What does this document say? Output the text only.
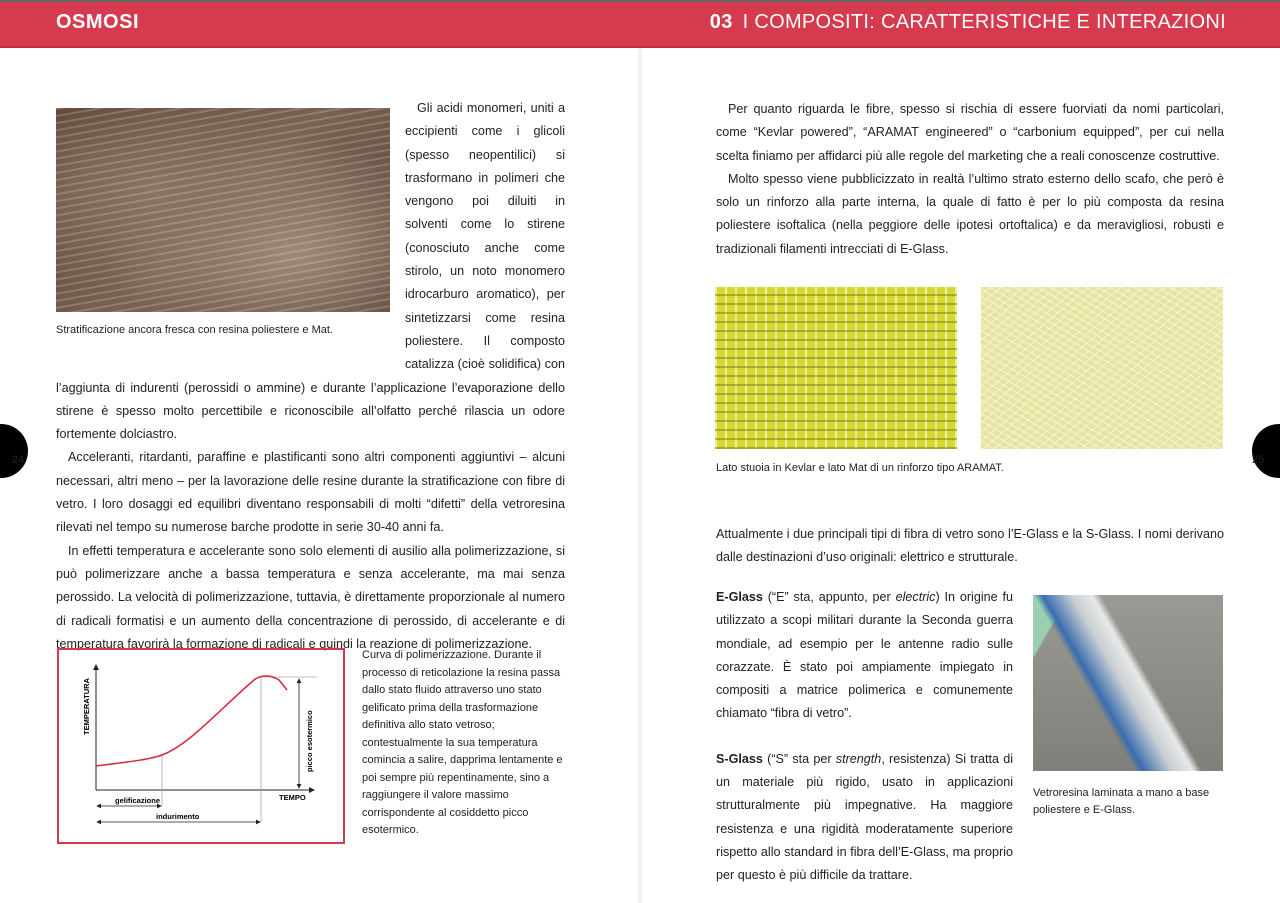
OSMOSI	03 I COMPOSITI: CARATTERISTICHE E INTERAZIONI
Stratificazione ancora fresca con resina poliestere e Mat.

Gli acidi monomeri, uniti a eccipienti come i glicoli (spesso neopentilici) si trasformano in polimeri che vengono poi diluiti in solventi come lo stirene (conosciuto anche come stirolo, un noto monomero idrocarburo aromatico), per sintetizzarsi come resina poliestere. Il composto catalizza (cioè solidifica) con l’aggiunta di indurenti (perossidi o ammine) e durante l’applicazione l’evaporazione dello stirene è spesso molto percettibile e riconoscibile all’olfatto perché rilascia un odore fortemente dolciastro.

Acceleranti, ritardanti, paraffine e plastificanti sono altri componenti aggiuntivi – alcuni necessari, altri meno – per la lavorazione delle resine durante la stratificazione con fibre di vetro. I loro dosaggi ed equilibri diventano responsabili di molti “difetti” della vetroresina rilevati nel tempo su numerose barche prodotte in serie 30-40 anni fa.

In effetti temperatura e accelerante sono solo elementi di ausilio alla polimerizzazione, si può polimerizzare anche a bassa temperatura e senza accelerante, ma mai senza perossido. La velocità di polimerizzazione, tuttavia, è direttamente proporzionale al numero di radicali formatisi e un aumento della concentrazione di perossido, di accelerante e di temperatura favorirà la formazione di radicali e quindi la reazione di polimerizzazione.

TEMPERATURA
TEMPO
picco esotermico
gelificazione
indurimento
Curva di polimerizzazione. Durante il processo di reticolazione la resina passa dallo stato fluido attraverso uno stato gelificato prima della trasformazione definitiva allo stato vetroso; contestualmente la sua temperatura comincia a salire, dapprima lentamente e poi sempre più repentinamente, sino a raggiungere il valore massimo corrispondente al cosiddetto picco esotermico.
24

Per quanto riguarda le fibre, spesso si rischia di essere fuorviati da nomi particolari, come “Kevlar powered”, “ARAMAT engineered” o “carbonium equipped”, per cui nella scelta finiamo per affidarci più alle regole del marketing che a reali conoscenze costruttive.

Molto spesso viene pubblicizzato in realtà l’ultimo strato esterno dello scafo, che però è solo un rinforzo alla parte interna, la quale di fatto è per lo più composta da resina poliestere isoftalica (nella peggiore delle ipotesi ortoftalica) e da meravigliosi, robusti e tradizionali filamenti intrecciati di E-Glass.

Lato stuoia in Kevlar e lato Mat di un rinforzo tipo ARAMAT.

Attualmente i due principali tipi di fibra di vetro sono l’E-Glass e la S-Glass. I nomi derivano dalle destinazioni d’uso originali: elettrico e strutturale.

E-Glass (“E” sta, appunto, per electric) In origine fu utilizzato a scopi militari durante la Seconda guerra mondiale, ad esempio per le antenne radio sulle corazzate. È stato poi ampiamente impiegato in compositi a matrice polimerica e comunemente chiamato “fibra di vetro”.

S-Glass (“S” sta per strength, resistenza) Si tratta di un materiale più rigido, usato in applicazioni strutturalmente più impegnative. Ha maggiore resistenza e una rigidità moderatamente superiore rispetto allo standard in fibra dell’E-Glass, ma proprio per questo è più difficile da trattare.

Vetroresina laminata a mano a base poliestere e E-Glass.
25
